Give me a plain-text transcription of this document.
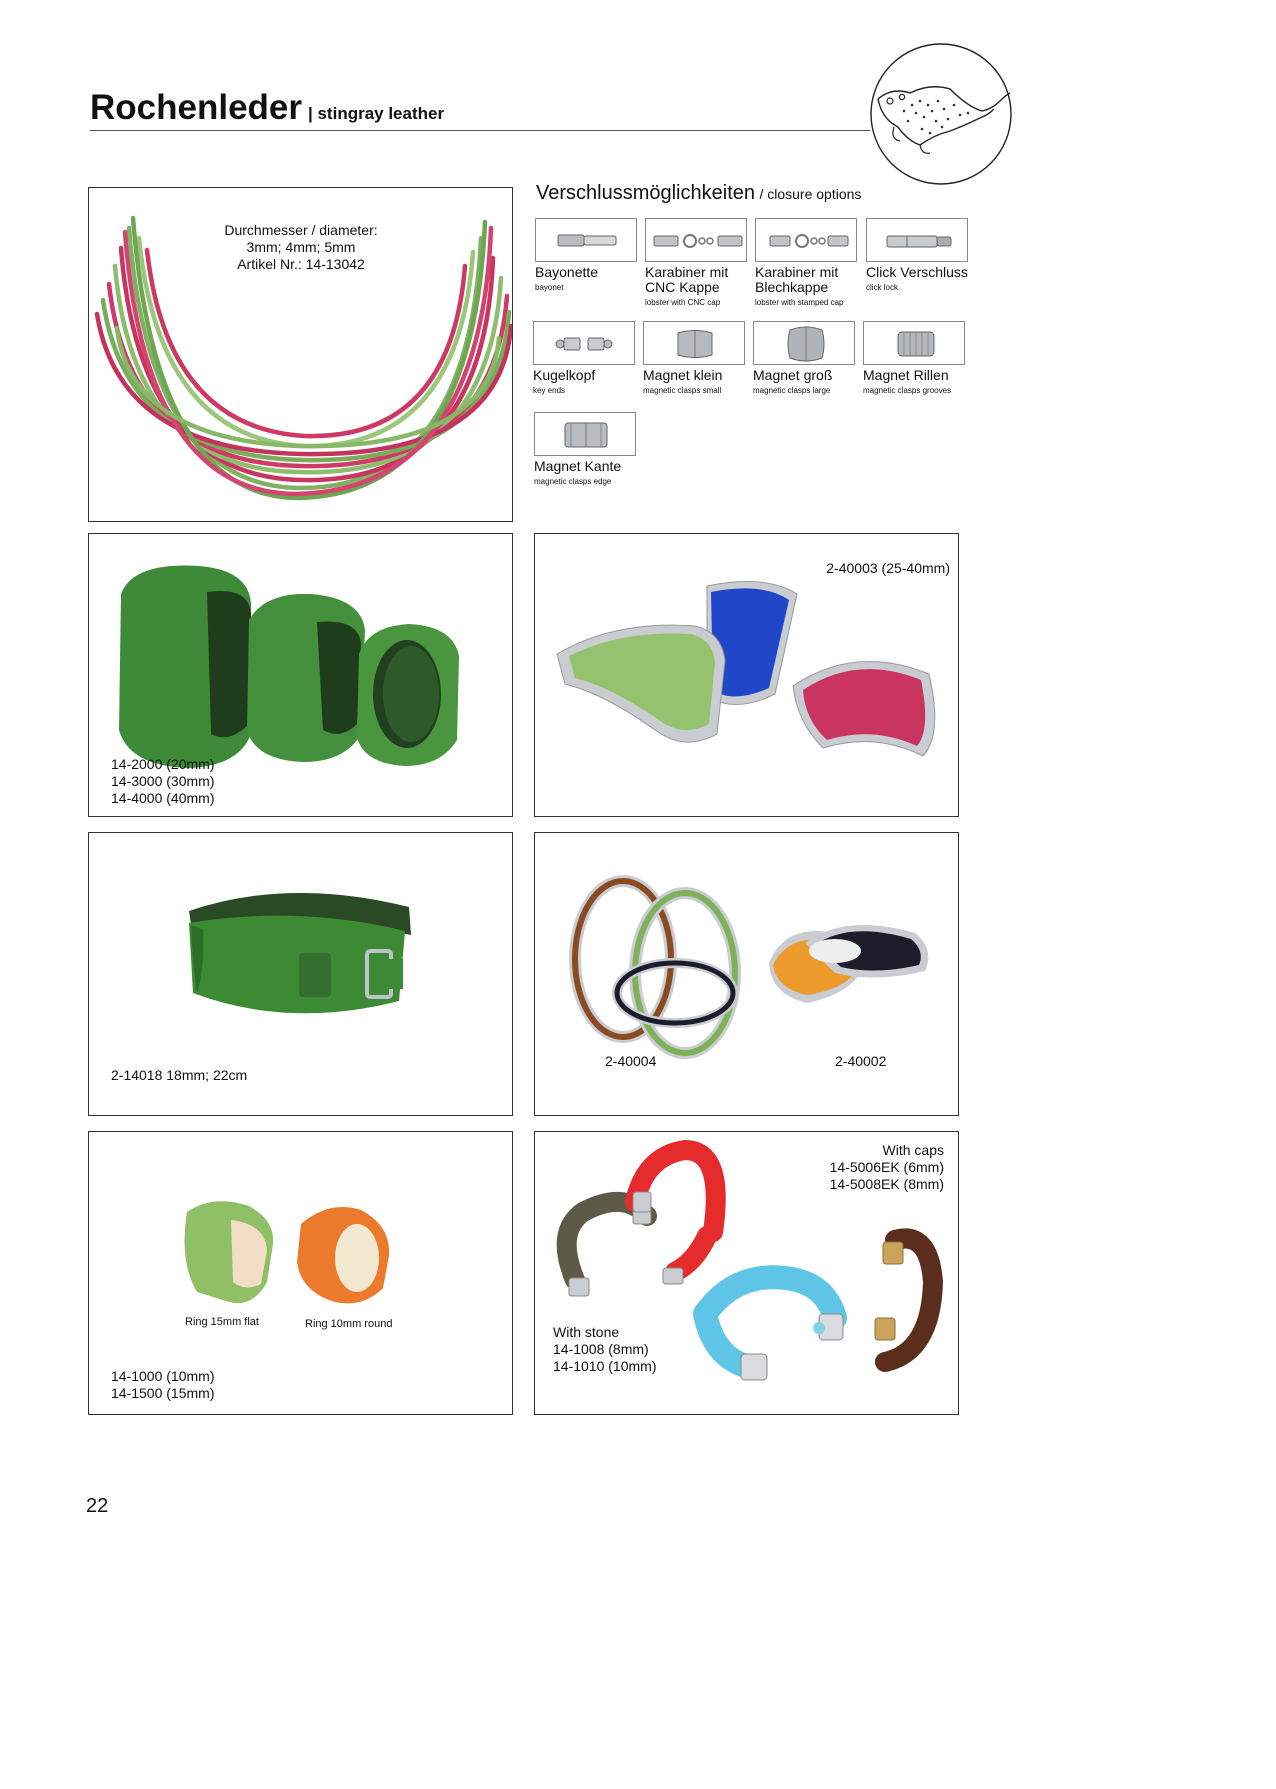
Rochenleder | stingray leather
Durchmesser / diameter:
3mm; 4mm; 5mm
Artikel Nr.: 14-13042
Verschlussmöglichkeiten / closure options
Bayonette
bayonet
Karabiner mit CNC Kappe
lobster with CNC cap
Karabiner mit Blechkappe
lobster with stamped cap
Click Verschluss
click lock
Kugelkopf
key ends
Magnet klein
magnetic clasps small
Magnet groß
magnetic clasps large
Magnet Rillen
magnetic clasps grooves
Magnet Kante
magnetic clasps edge
14-2000 (20mm)
14-3000 (30mm)
14-4000 (40mm)
2-40003 (25-40mm)
2-14018 18mm; 22cm
2-40004	2-40002
Ring 15mm flat	Ring 10mm round
14-1000 (10mm)
14-1500 (15mm)
With caps
14-5006EK (6mm)
14-5008EK (8mm)
With stone
14-1008 (8mm)
14-1010 (10mm)
22
